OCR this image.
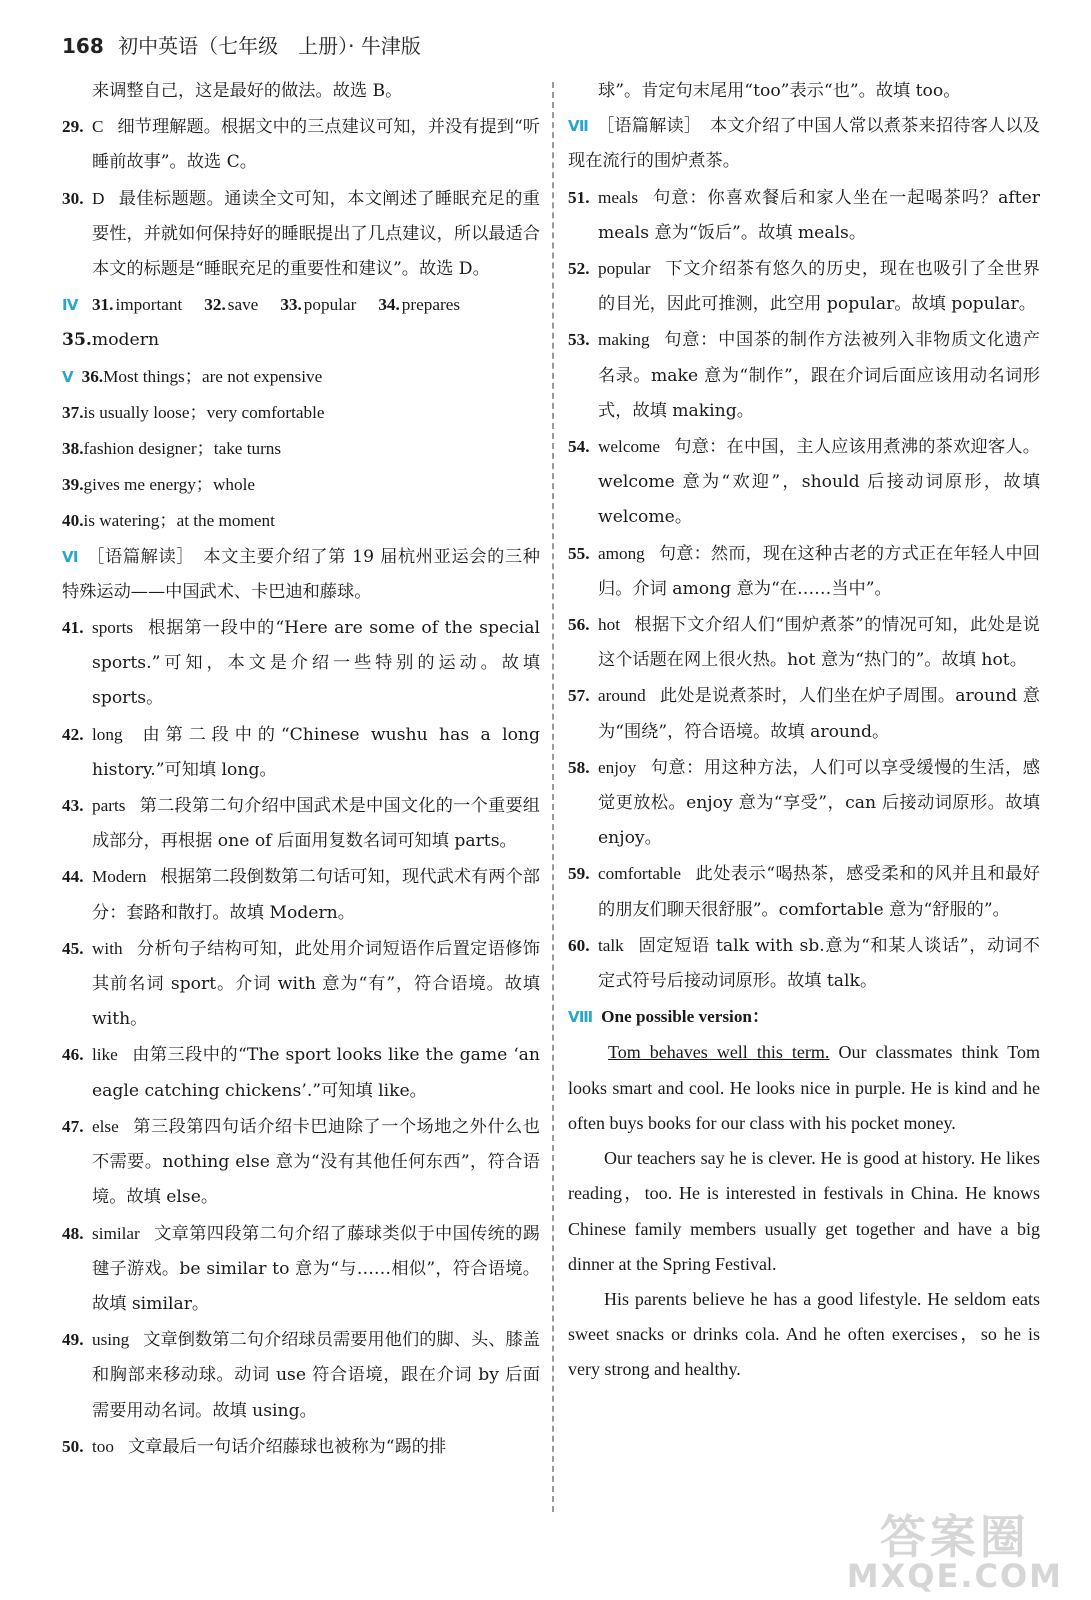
168 初中英语（七年级　上册）· 牛津版
来调整自己，这是最好的做法。故选 B。
29. C 细节理解题。根据文中的三点建议可知，并没有提到“听睡前故事”。故选 C。
30. D 最佳标题题。通读全文可知，本文阐述了睡眠充足的重要性，并就如何保持好的睡眠提出了几点建议，所以最适合本文的标题是“睡眠充足的重要性和建议”。故选 D。
Ⅳ 31. important 32. save 33. popular 34. prepares
35.modern
Ⅴ 36.Most things；are not expensive
37.is usually loose；very comfortable
38.fashion designer；take turns
39.gives me energy；whole
40.is watering；at the moment
Ⅵ ［语篇解读］　本文主要介绍了第 19 届杭州亚运会的三种特殊运动——中国武术、卡巴迪和藤球。
41. sports 根据第一段中的“Here are some of the special sports.”可知，本文是介绍一些特别的运动。故填 sports。
42. long 由第二段中的“Chinese wushu has a long history.”可知填 long。
43. parts 第二段第二句介绍中国武术是中国文化的一个重要组成部分，再根据 one of 后面用复数名词可知填 parts。
44. Modern 根据第二段倒数第二句话可知，现代武术有两个部分：套路和散打。故填 Modern。
45. with 分析句子结构可知，此处用介词短语作后置定语修饰其前名词 sport。介词 with 意为“有”，符合语境。故填 with。
46. like 由第三段中的“The sport looks like the game ‘an eagle catching chickens’.”可知填 like。
47. else 第三段第四句话介绍卡巴迪除了一个场地之外什么也不需要。nothing else 意为“没有其他任何东西”，符合语境。故填 else。
48. similar 文章第四段第二句介绍了藤球类似于中国传统的踢毽子游戏。be similar to 意为“与……相似”，符合语境。故填 similar。
49. using 文章倒数第二句介绍球员需要用他们的脚、头、膝盖和胸部来移动球。动词 use 符合语境，跟在介词 by 后面需要用动名词。故填 using。
50. too 文章最后一句话介绍藤球也被称为“踢的排
球”。肯定句末尾用“too”表示“也”。故填 too。
Ⅶ ［语篇解读］　本文介绍了中国人常以煮茶来招待客人以及现在流行的围炉煮茶。
51. meals 句意：你喜欢餐后和家人坐在一起喝茶吗？after meals 意为“饭后”。故填 meals。
52. popular 下文介绍茶有悠久的历史，现在也吸引了全世界的目光，因此可推测，此空用 popular。故填 popular。
53. making 句意：中国茶的制作方法被列入非物质文化遗产名录。make 意为“制作”，跟在介词后面应该用动名词形式，故填 making。
54. welcome 句意：在中国，主人应该用煮沸的茶欢迎客人。welcome 意为“欢迎”，should 后接动词原形，故填 welcome。
55. among 句意：然而，现在这种古老的方式正在年轻人中回归。介词 among 意为“在……当中”。
56. hot 根据下文介绍人们“围炉煮茶”的情况可知，此处是说这个话题在网上很火热。hot 意为“热门的”。故填 hot。
57. around 此处是说煮茶时，人们坐在炉子周围。around 意为“围绕”，符合语境。故填 around。
58. enjoy 句意：用这种方法，人们可以享受缓慢的生活，感觉更放松。enjoy 意为“享受”，can 后接动词原形。故填 enjoy。
59. comfortable 此处表示“喝热茶，感受柔和的风并且和最好的朋友们聊天很舒服”。comfortable 意为“舒服的”。
60. talk 固定短语 talk with sb.意为“和某人谈话”，动词不定式符号后接动词原形。故填 talk。
Ⅷ One possible version：

Tom behaves well this term. Our classmates think Tom looks smart and cool. He looks nice in purple. He is kind and he often buys books for our class with his pocket money.

Our teachers say he is clever. He is good at history. He likes reading，too. He is interested in festivals in China. He knows Chinese family members usually get together and have a big dinner at the Spring Festival.

His parents believe he has a good lifestyle. He seldom eats sweet snacks or drinks cola. And he often exercises，so he is very strong and healthy.

答案圈
MXQE.COM
